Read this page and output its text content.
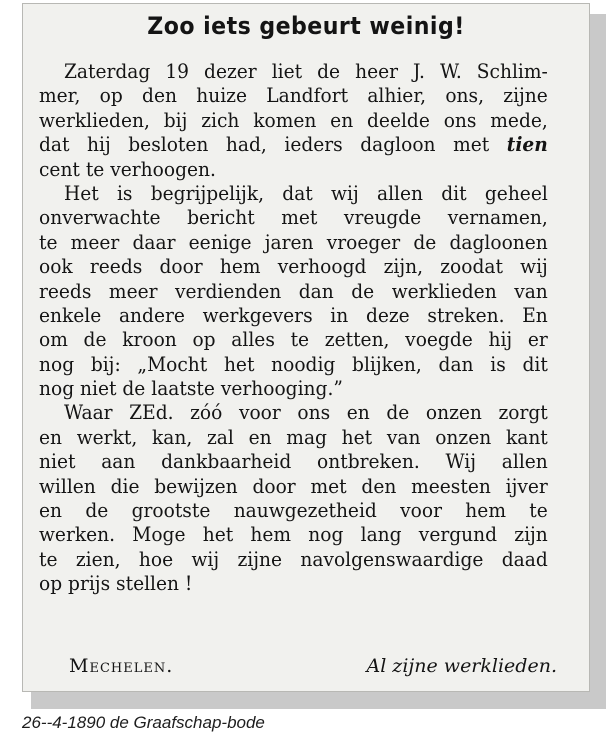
Zoo iets gebeurt weinig!
Zaterdag 19 dezer liet de heer J. W. Schlim-
mer, op den huize Landfort alhier, ons, zijne
werklieden, bij zich komen en deelde ons mede,
dat hij besloten had, ieders dagloon met tien
cent te verhoogen.
Het is begrijpelijk, dat wij allen dit geheel
onverwachte bericht met vreugde vernamen,
te meer daar eenige jaren vroeger de dagloonen
ook reeds door hem verhoogd zijn, zoodat wij
reeds meer verdienden dan de werklieden van
enkele andere werkgevers in deze streken. En
om de kroon op alles te zetten, voegde hij er
nog bij: „Mocht het noodig blijken, dan is dit
nog niet de laatste verhooging.”
Waar ZEd. zóó voor ons en de onzen zorgt
en werkt, kan, zal en mag het van onzen kant
niet aan dankbaarheid ontbreken. Wij allen
willen die bewijzen door met den meesten ijver
en de grootste nauwgezetheid voor hem te
werken. Moge het hem nog lang vergund zijn
te zien, hoe wij zijne navolgenswaardige daad
op prijs stellen !
Mechelen.	Al zijne werklieden.
26--4-1890 de Graafschap-bode
